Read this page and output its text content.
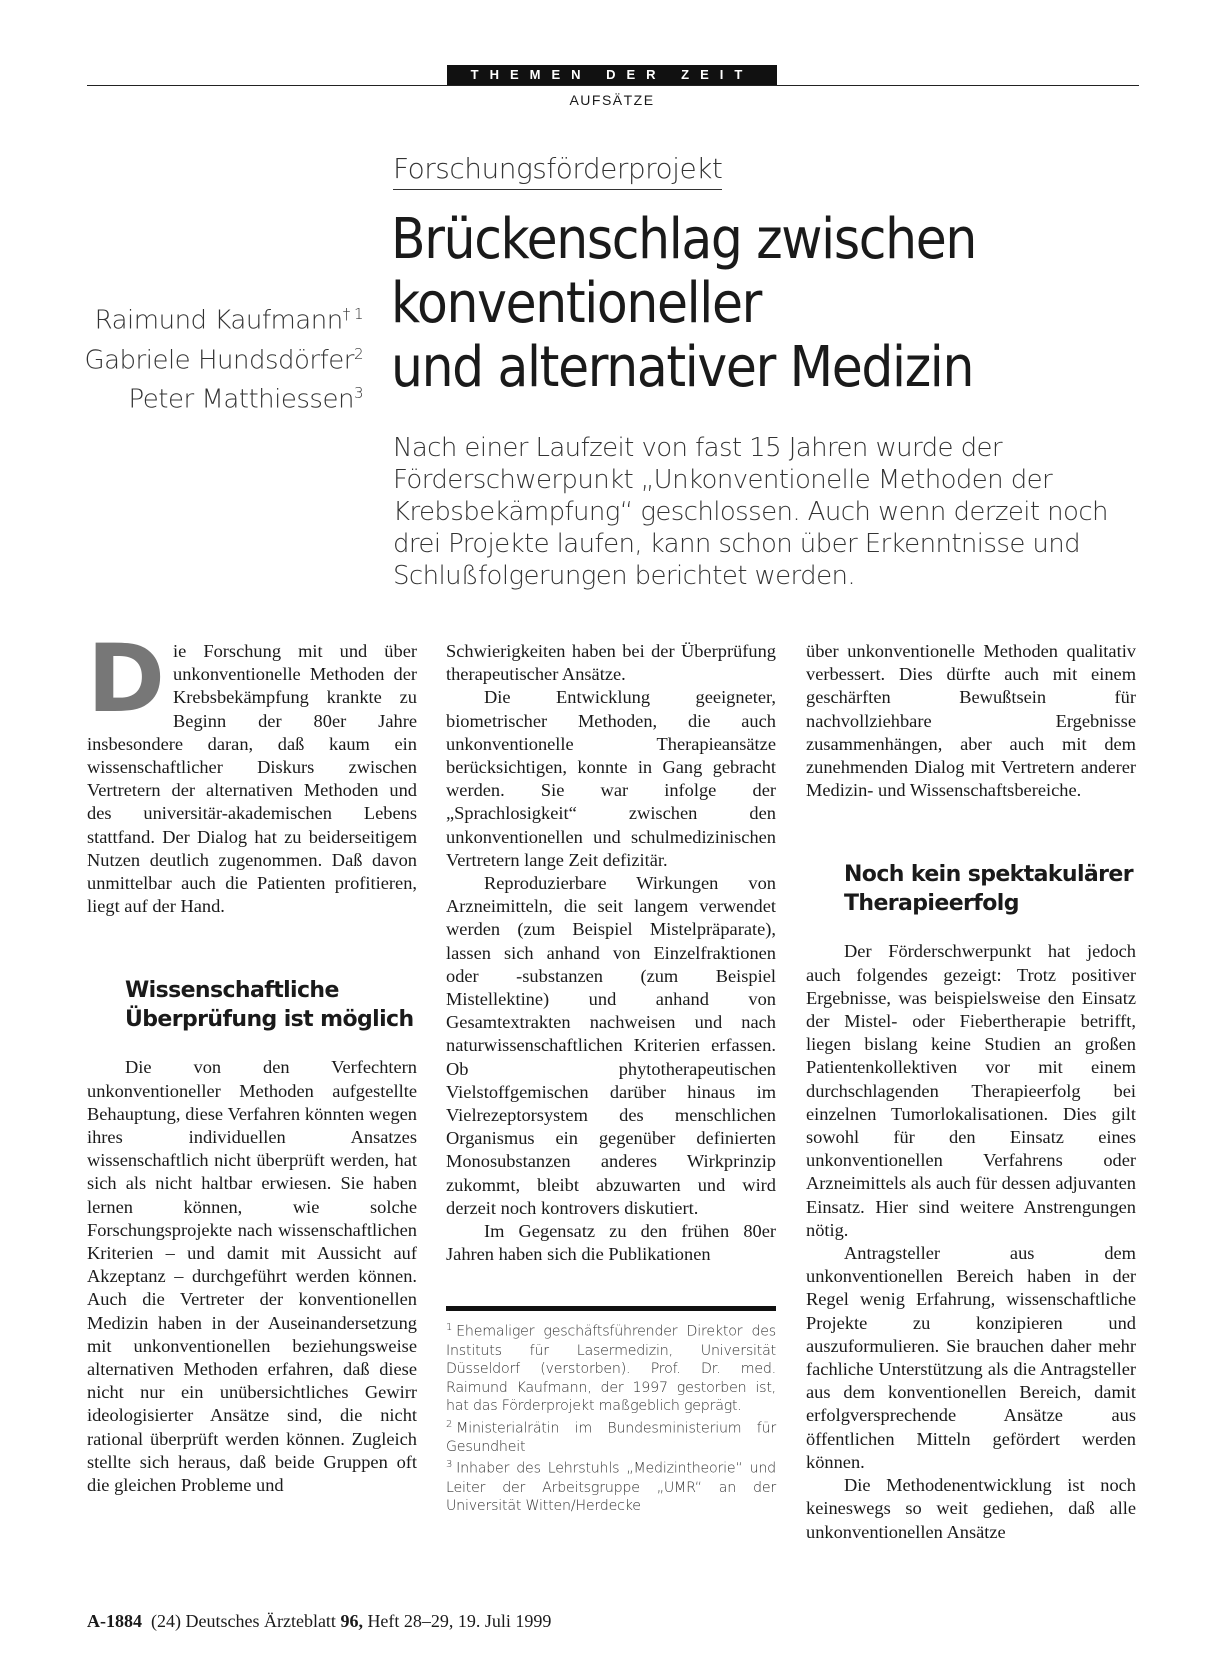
THEMEN DER ZEIT
AUFSÄTZE
Forschungsförderprojekt
Brückenschlag zwischen
konventioneller
und alternativer Medizin
Raimund Kaufmann$^{\dagger 1}$
Gabriele Hundsdörfer$^2$
Peter Matthiessen$^3$
Nach einer Laufzeit von fast 15 Jahren wurde der Förderschwerpunkt „Unkonventionelle Methoden der Krebsbekämpfung“ geschlossen. Auch wenn derzeit noch drei Projekte laufen, kann schon über Erkenntnisse und Schlußfolgerungen berichtet werden.
D ie Forschung mit und über unkonventionelle Methoden der Krebsbekämpfung krankte zu Beginn der 80er Jahre insbesondere daran, daß kaum ein wissenschaftlicher Diskurs zwischen Vertretern der alternativen Methoden und des universitär-akademischen Lebens stattfand. Der Dialog hat zu beiderseitigem Nutzen deutlich zugenommen. Daß davon unmittelbar auch die Patienten profitieren, liegt auf der Hand.

Wissenschaftliche Überprüfung ist möglich

Die von den Verfechtern unkonventioneller Methoden aufgestellte Behauptung, diese Verfahren könnten wegen ihres individuellen Ansatzes wissenschaftlich nicht überprüft werden, hat sich als nicht haltbar erwiesen. Sie haben lernen können, wie solche Forschungsprojekte nach wissenschaftlichen Kriterien – und damit mit Aussicht auf Akzeptanz – durchgeführt werden können. Auch die Vertreter der konventionellen Medizin haben in der Auseinandersetzung mit unkonventionellen beziehungsweise alternativen Methoden erfahren, daß diese nicht nur ein unübersichtliches Gewirr ideologisierter Ansätze sind, die nicht rational überprüft werden können. Zugleich stellte sich heraus, daß beide Gruppen oft die gleichen Probleme und

Schwierigkeiten haben bei der Überprüfung therapeutischer Ansätze.

Die Entwicklung geeigneter, biometrischer Methoden, die auch unkonventionelle Therapieansätze berücksichtigen, konnte in Gang gebracht werden. Sie war infolge der „Sprachlosigkeit“ zwischen den unkonventionellen und schulmedizinischen Vertretern lange Zeit defizitär.

Reproduzierbare Wirkungen von Arzneimitteln, die seit langem verwendet werden (zum Beispiel Mistelpräparate), lassen sich anhand von Einzelfraktionen oder -substanzen (zum Beispiel Mistellektine) und anhand von Gesamtextrakten nachweisen und nach naturwissenschaftlichen Kriterien erfassen. Ob phytotherapeutischen Vielstoffgemischen darüber hinaus im Vielrezeptorsystem des menschlichen Organismus ein gegenüber definierten Monosubstanzen anderes Wirkprinzip zukommt, bleibt abzuwarten und wird derzeit noch kontrovers diskutiert.

Im Gegensatz zu den frühen 80er Jahren haben sich die Publikationen

$^1$ Ehemaliger geschäftsführender Direktor des Instituts für Lasermedizin, Universität Düsseldorf (verstorben). Prof. Dr. med. Raimund Kaufmann, der 1997 gestorben ist, hat das Förderprojekt maßgeblich geprägt.
$^2$ Ministerialrätin im Bundesministerium für Gesundheit
$^3$ Inhaber des Lehrstuhls „Medizintheorie“ und Leiter der Arbeitsgruppe „UMR“ an der Universität Witten/Herdecke

über unkonventionelle Methoden qualitativ verbessert. Dies dürfte auch mit einem geschärften Bewußtsein für nachvollziehbare Ergebnisse zusammenhängen, aber auch mit dem zunehmenden Dialog mit Vertretern anderer Medizin- und Wissenschaftsbereiche.

Noch kein spektakulärer Therapieerfolg

Der Förderschwerpunkt hat jedoch auch folgendes gezeigt: Trotz positiver Ergebnisse, was beispielsweise den Einsatz der Mistel- oder Fiebertherapie betrifft, liegen bislang keine Studien an großen Patientenkollektiven vor mit einem durchschlagenden Therapieerfolg bei einzelnen Tumorlokalisationen. Dies gilt sowohl für den Einsatz eines unkonventionellen Verfahrens oder Arzneimittels als auch für dessen adjuvanten Einsatz. Hier sind weitere Anstrengungen nötig.

Antragsteller aus dem unkonventionellen Bereich haben in der Regel wenig Erfahrung, wissenschaftliche Projekte zu konzipieren und auszuformulieren. Sie brauchen daher mehr fachliche Unterstützung als die Antragsteller aus dem konventionellen Bereich, damit erfolgversprechende Ansätze aus öffentlichen Mitteln gefördert werden können.

Die Methodenentwicklung ist noch keineswegs so weit gediehen, daß alle unkonventionellen Ansätze

A-1884 (24) Deutsches Ärzteblatt 96, Heft 28–29, 19. Juli 1999
